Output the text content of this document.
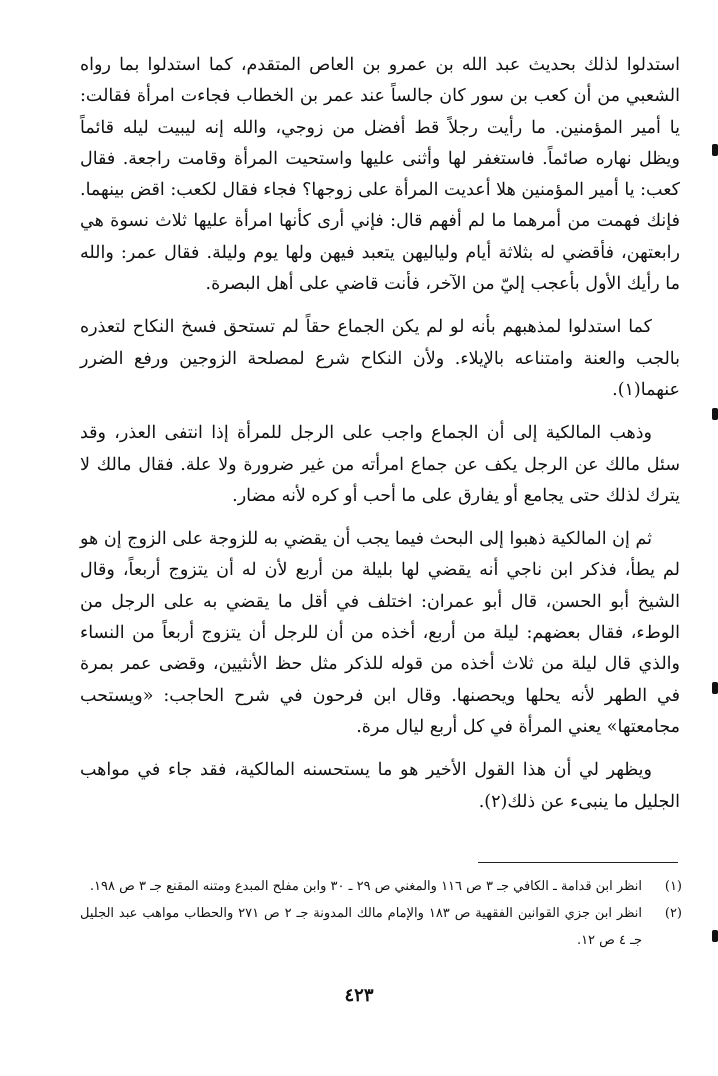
استدلوا لذلك بحديث عبد الله بن عمرو بن العاص المتقدم، كما استدلوا بما رواه الشعبي من أن كعب بن سور كان جالساً عند عمر بن الخطاب فجاءت امرأة فقالت: يا أمير المؤمنين. ما رأيت رجلاً قط أفضل من زوجي، والله إنه ليبيت ليله قائماً ويظل نهاره صائماً. فاستغفر لها وأثنى عليها واستحيت المرأة وقامت راجعة. فقال كعب: يا أمير المؤمنين هلا أعديت المرأة على زوجها؟ فجاء فقال لكعب: اقض بينهما. فإنك فهمت من أمرهما ما لم أفهم قال: فإني أرى كأنها امرأة عليها ثلاث نسوة هي رابعتهن، فأقضي له بثلاثة أيام ولياليهن يتعبد فيهن ولها يوم وليلة. فقال عمر: والله ما رأيك الأول بأعجب إليّ من الآخر، فأنت قاضي على أهل البصرة.

كما استدلوا لمذهبهم بأنه لو لم يكن الجماع حقاً لم تستحق فسخ النكاح لتعذره بالجب والعنة وامتناعه بالإيلاء. ولأن النكاح شرع لمصلحة الزوجين ورفع الضرر عنهما(١).

وذهب المالكية إلى أن الجماع واجب على الرجل للمرأة إذا انتفى العذر، وقد سئل مالك عن الرجل يكف عن جماع امرأته من غير ضرورة ولا علة. فقال مالك لا يترك لذلك حتى يجامع أو يفارق على ما أحب أو كره لأنه مضار.

ثم إن المالكية ذهبوا إلى البحث فيما يجب أن يقضي به للزوجة على الزوج إن هو لم يطأ، فذكر ابن ناجي أنه يقضي لها بليلة من أربع لأن له أن يتزوج أربعاً، وقال الشيخ أبو الحسن، قال أبو عمران: اختلف في أقل ما يقضي به على الرجل من الوطء، فقال بعضهم: ليلة من أربع، أخذه من أن للرجل أن يتزوج أربعاً من النساء والذي قال ليلة من ثلاث أخذه من قوله للذكر مثل حظ الأنثيين، وقضى عمر بمرة في الطهر لأنه يحلها ويحصنها. وقال ابن فرحون في شرح الحاجب: «ويستحب مجامعتها» يعني المرأة في كل أربع ليال مرة.

ويظهر لي أن هذا القول الأخير هو ما يستحسنه المالكية، فقد جاء في مواهب الجليل ما ينبىء عن ذلك(٢).

(١)
انظر ابن قدامة ـ الكافي جـ ٣ ص ١١٦ والمغني ص ٢٩ ـ ٣٠ وابن مفلح المبدع ومتنه المقنع جـ ٣ ص ١٩٨.
(٢)
انظر ابن جزي القوانين الفقهية ص ١٨٣ والإمام مالك المدونة جـ ٢ ص ٢٧١ والحطاب مواهب عبد الجليل جـ ٤ ص ١٢.
٤٢٣
